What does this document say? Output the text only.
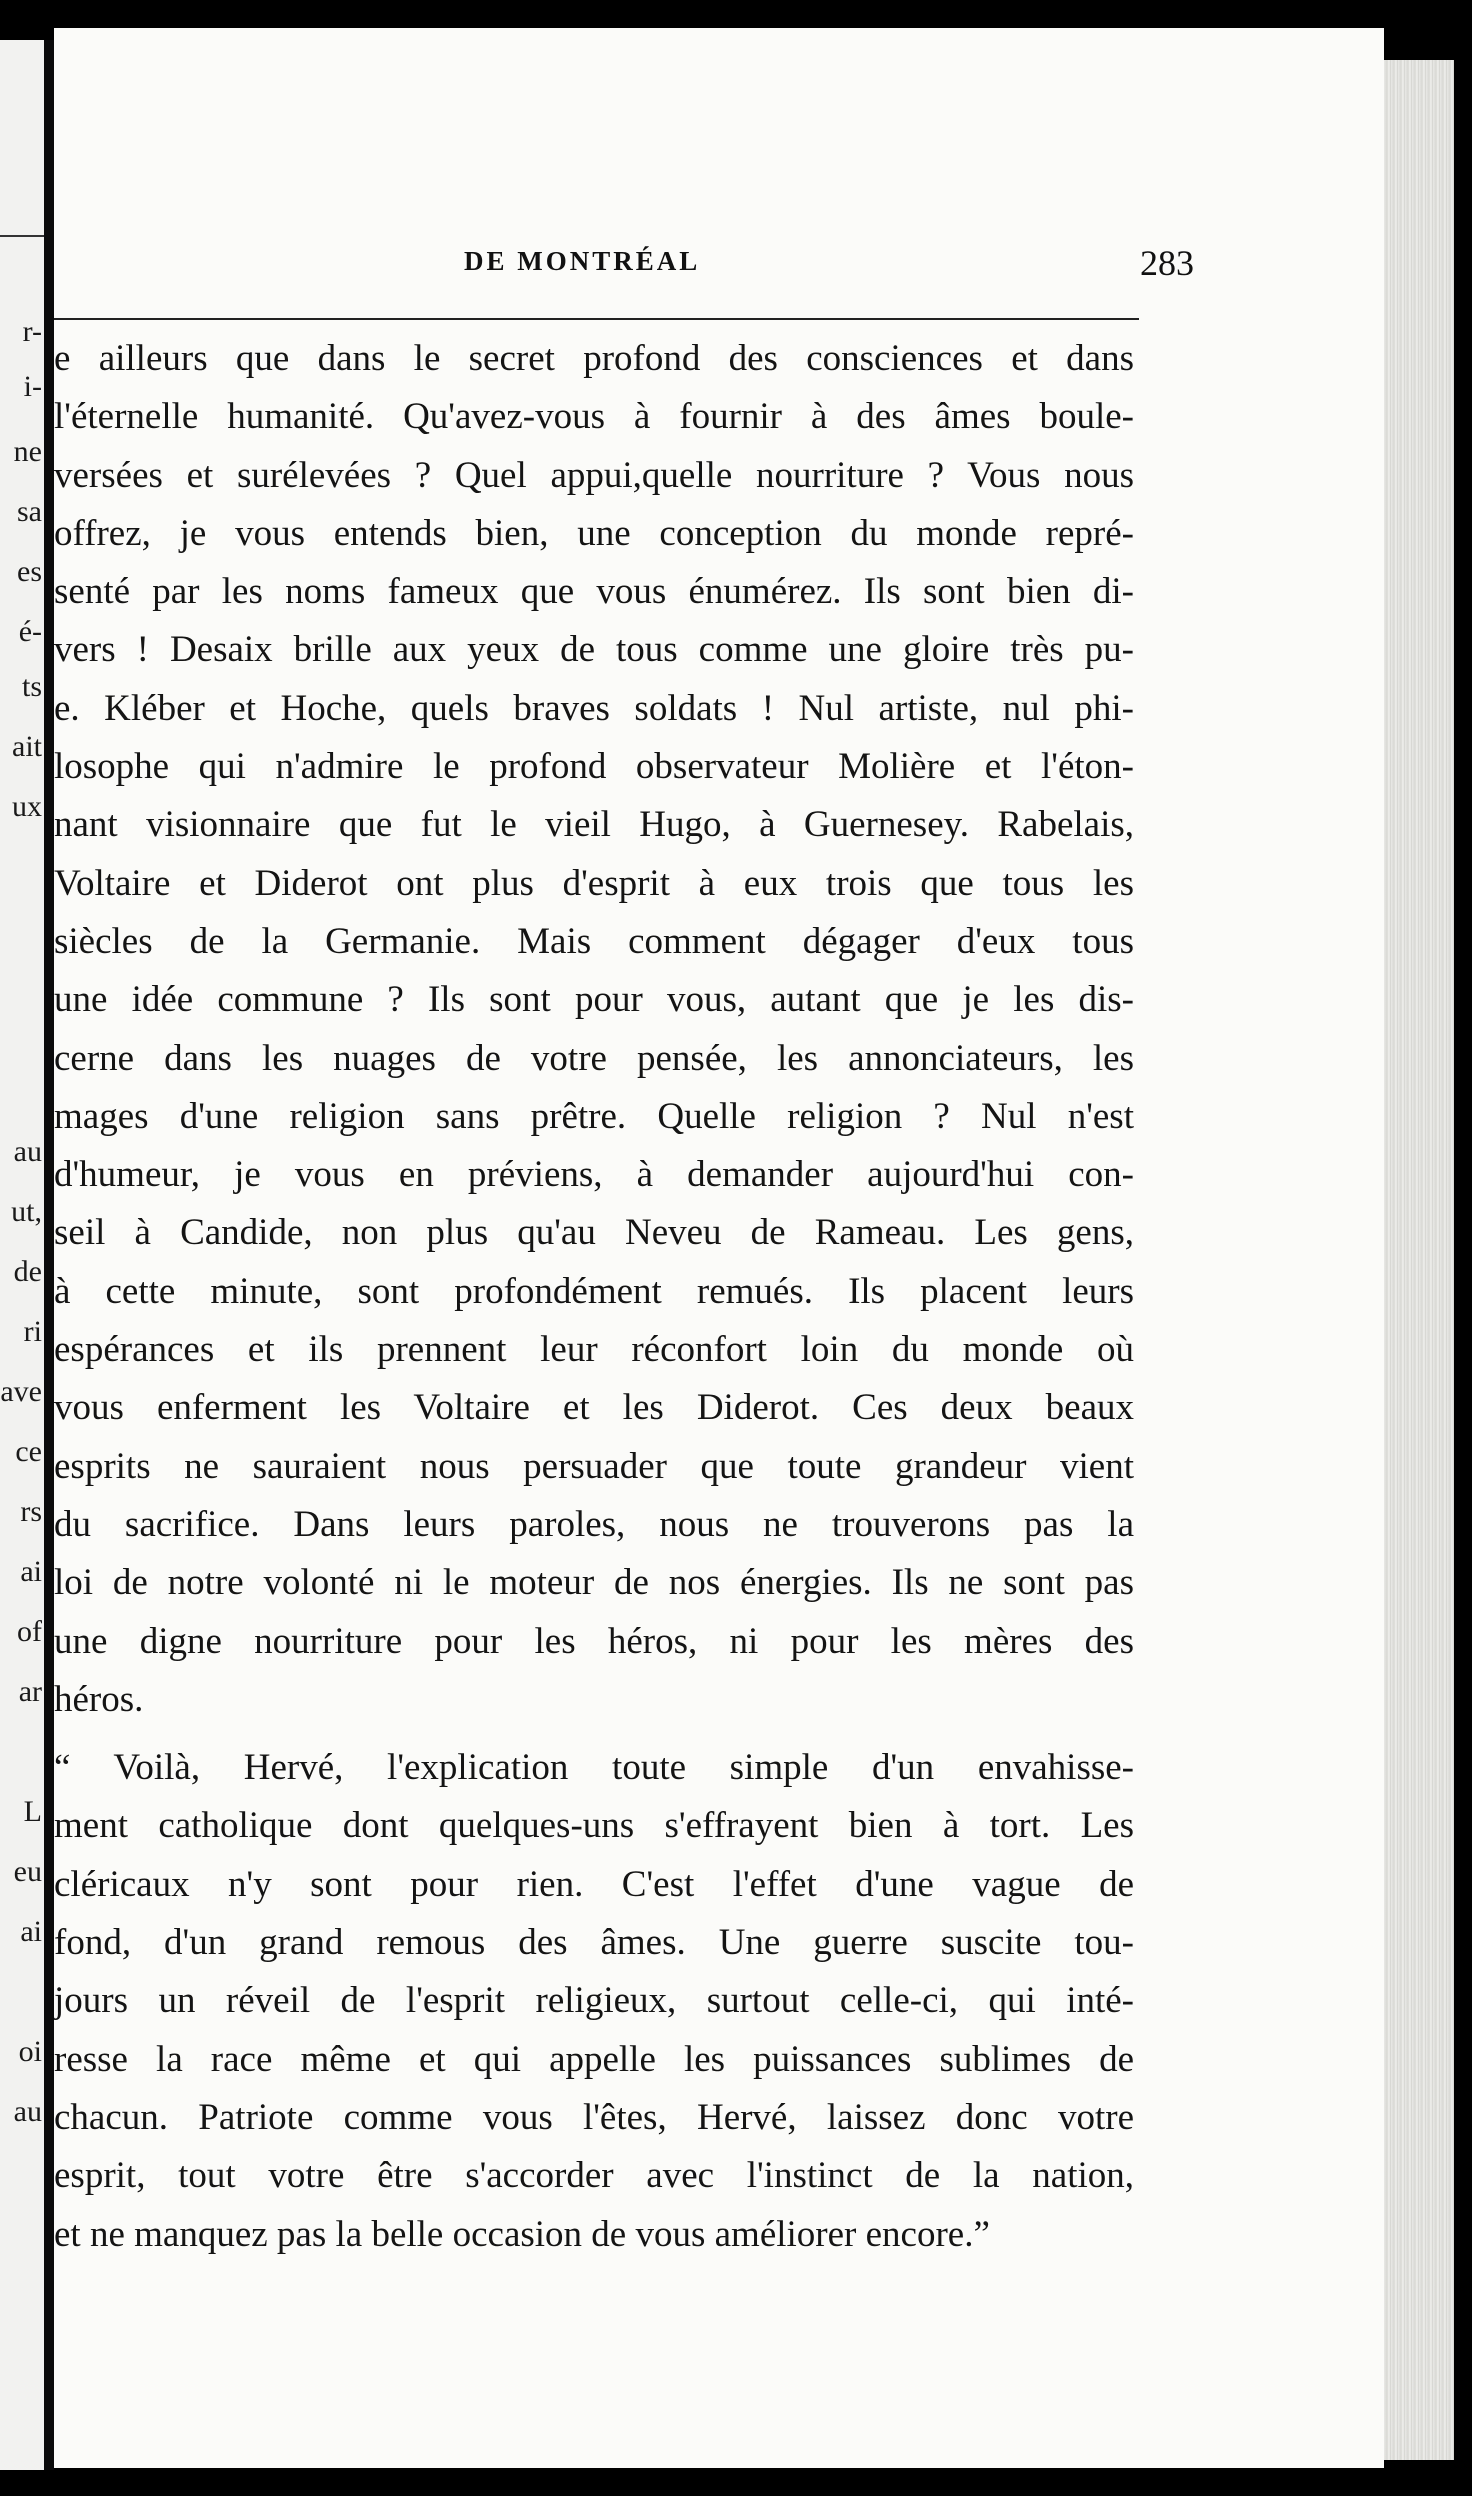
r-
i-
ne
sa
es
é-
ts
ait
ux
au
ut,
de
ri
ave
ce
rs
ai
of
ar
L
eu
ai
oi
au
DE MONTRÉAL	283
e ailleurs que dans le secret profond des consciences et dans
l'éternelle humanité. Qu'avez-vous à fournir à des âmes boule-
versées et surélevées ? Quel appui,quelle nourriture ? Vous nous
offrez, je vous entends bien, une conception du monde repré-
senté par les noms fameux que vous énumérez. Ils sont bien di-
vers ! Desaix brille aux yeux de tous comme une gloire très pu-
e. Kléber et Hoche, quels braves soldats ! Nul artiste, nul phi-
losophe qui n'admire le profond observateur Molière et l'éton-
nant visionnaire que fut le vieil Hugo, à Guernesey. Rabelais,
Voltaire et Diderot ont plus d'esprit à eux trois que tous les
siècles de la Germanie. Mais comment dégager d'eux tous
une idée commune ? Ils sont pour vous, autant que je les dis-
cerne dans les nuages de votre pensée, les annonciateurs, les
mages d'une religion sans prêtre. Quelle religion ? Nul n'est
d'humeur, je vous en préviens, à demander aujourd'hui con-
seil à Candide, non plus qu'au Neveu de Rameau. Les gens,
à cette minute, sont profondément remués. Ils placent leurs
espérances et ils prennent leur réconfort loin du monde où
vous enferment les Voltaire et les Diderot. Ces deux beaux
esprits ne sauraient nous persuader que toute grandeur vient
du sacrifice. Dans leurs paroles, nous ne trouverons pas la
loi de notre volonté ni le moteur de nos énergies. Ils ne sont pas
une digne nourriture pour les héros, ni pour les mères des
héros.
“ Voilà, Hervé, l'explication toute simple d'un envahisse-
ment catholique dont quelques-uns s'effrayent bien à tort. Les
cléricaux n'y sont pour rien. C'est l'effet d'une vague de
fond, d'un grand remous des âmes. Une guerre suscite tou-
jours un réveil de l'esprit religieux, surtout celle-ci, qui inté-
resse la race même et qui appelle les puissances sublimes de
chacun. Patriote comme vous l'êtes, Hervé, laissez donc votre
esprit, tout votre être s'accorder avec l'instinct de la nation,
et ne manquez pas la belle occasion de vous améliorer encore.”
